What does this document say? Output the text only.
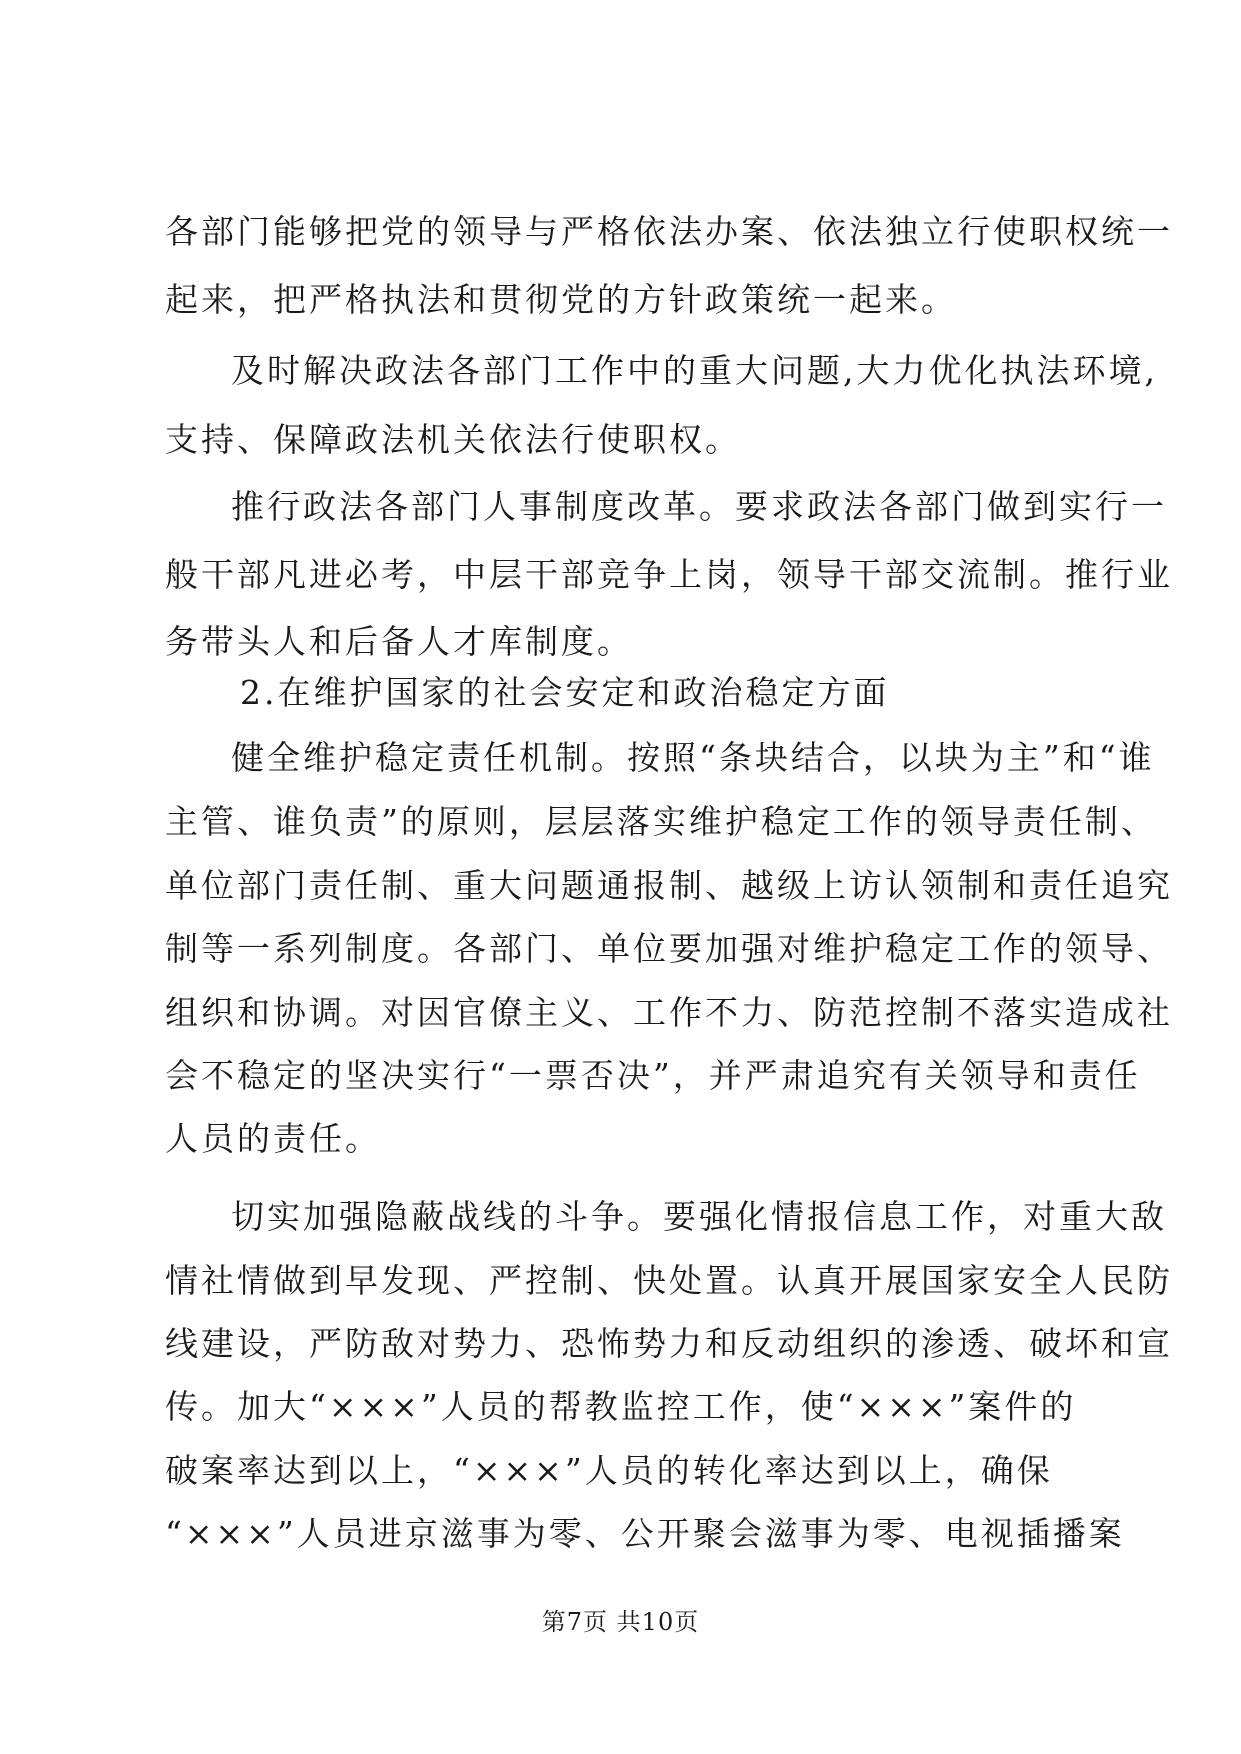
各部门能够把党的领导与严格依法办案、依法独立行使职权统一
起来，把严格执法和贯彻党的方针政策统一起来。
及时解决政法各部门工作中的重大问题,大力优化执法环境,
支持、保障政法机关依法行使职权。
推行政法各部门人事制度改革。要求政法各部门做到实行一
般干部凡进必考，中层干部竞争上岗，领导干部交流制。推行业
务带头人和后备人才库制度。
2.在维护国家的社会安定和政治稳定方面
健全维护稳定责任机制。按照“条块结合，以块为主”和“谁
主管、谁负责”的原则，层层落实维护稳定工作的领导责任制、
单位部门责任制、重大问题通报制、越级上访认领制和责任追究
制等一系列制度。各部门、单位要加强对维护稳定工作的领导、
组织和协调。对因官僚主义、工作不力、防范控制不落实造成社
会不稳定的坚决实行“一票否决”，并严肃追究有关领导和责任
人员的责任。
切实加强隐蔽战线的斗争。要强化情报信息工作，对重大敌
情社情做到早发现、严控制、快处置。认真开展国家安全人民防
线建设，严防敌对势力、恐怖势力和反动组织的渗透、破坏和宣
传。加大“×××”人员的帮教监控工作，使“×××”案件的
破案率达到以上，“×××”人员的转化率达到以上，确保
“×××”人员进京滋事为零、公开聚会滋事为零、电视插播案
第7页 共10页
